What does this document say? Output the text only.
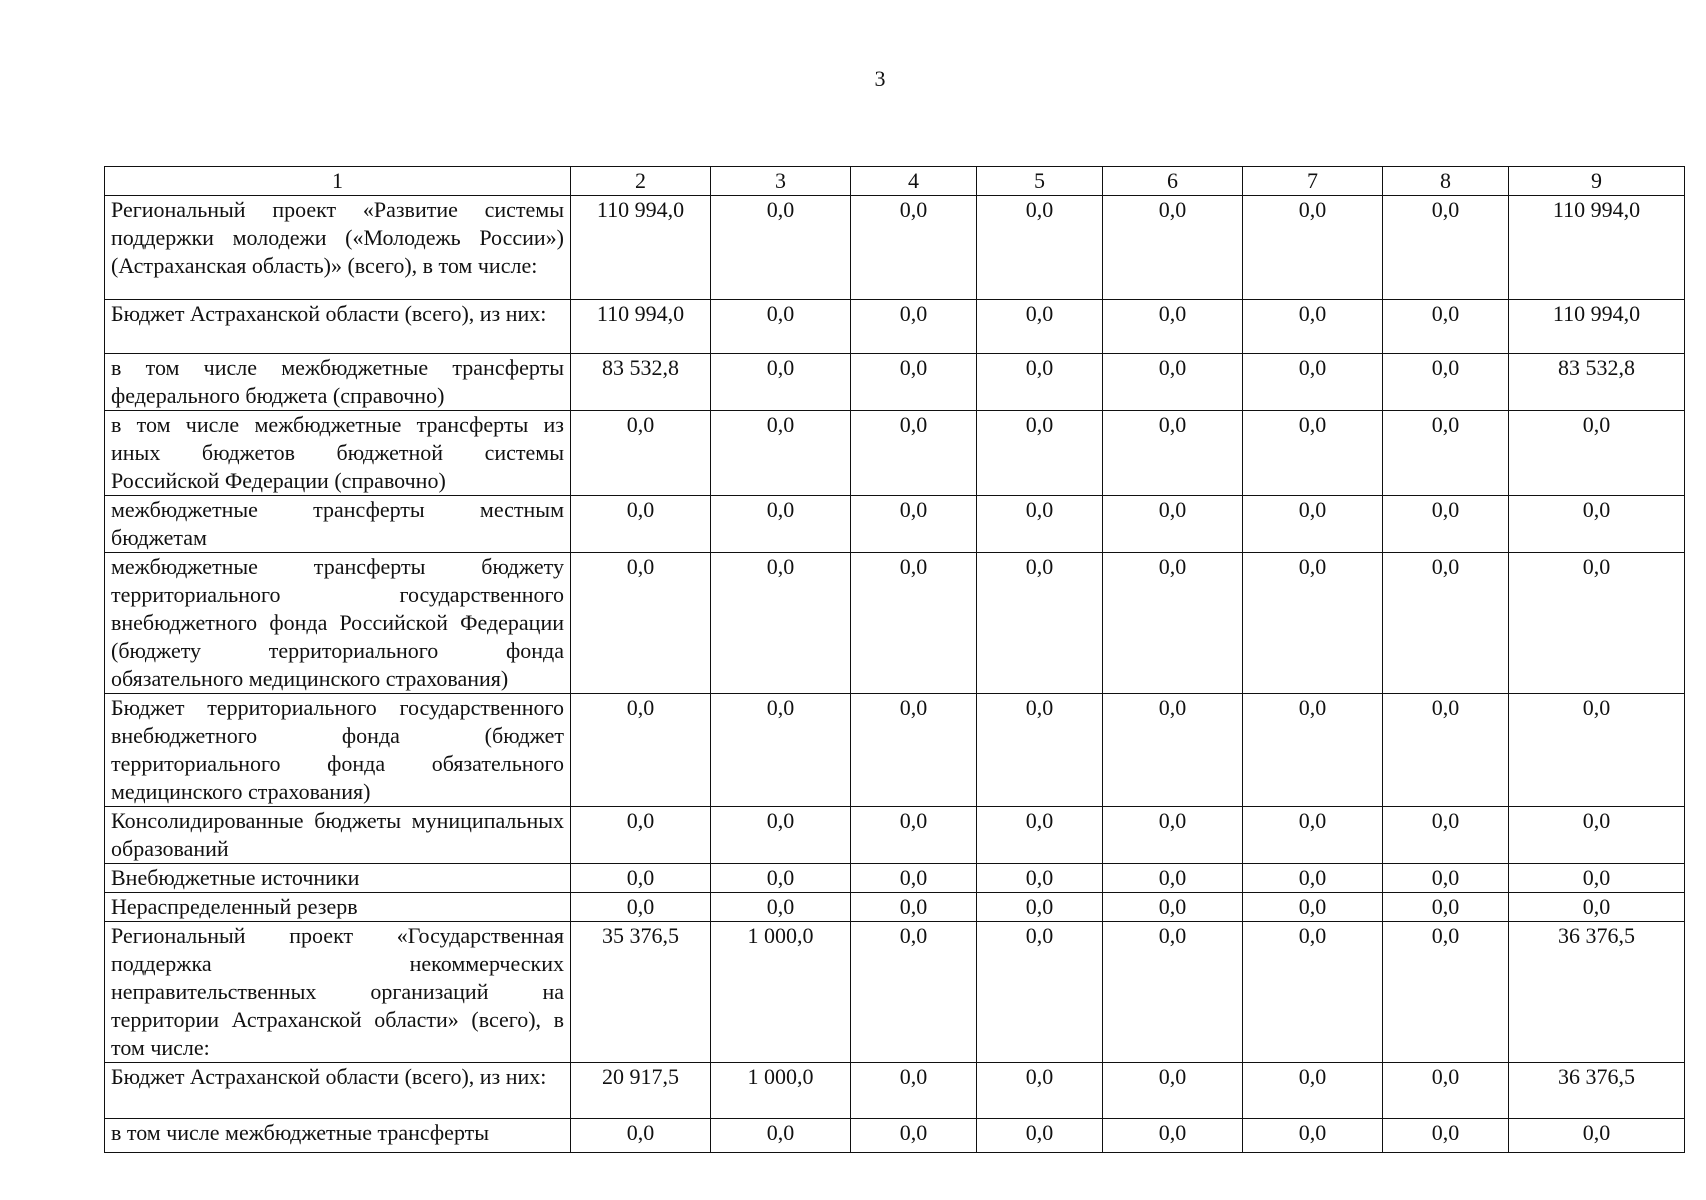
3
1	2	3	4	5	6	7	8	9
Региональный проект «Развитие системы поддержки молодежи («Молодежь России») (Астраханская область)» (всего), в том числе:	110 994,0	0,0	0,0	0,0	0,0	0,0	0,0	110 994,0
Бюджет Астраханской области (всего), из них:	110 994,0	0,0	0,0	0,0	0,0	0,0	0,0	110 994,0
в том числе межбюджетные трансферты федерального бюджета (справочно)	83 532,8	0,0	0,0	0,0	0,0	0,0	0,0	83 532,8
в том числе межбюджетные трансферты из иных бюджетов бюджетной системы Российской Федерации (справочно)	0,0	0,0	0,0	0,0	0,0	0,0	0,0	0,0
межбюджетные трансферты местным бюджетам	0,0	0,0	0,0	0,0	0,0	0,0	0,0	0,0
межбюджетные трансферты бюджету территориального государственного внебюджетного фонда Российской Федерации (бюджету территориального фонда обязательного медицинского страхования)	0,0	0,0	0,0	0,0	0,0	0,0	0,0	0,0
Бюджет территориального государственного внебюджетного фонда (бюджет территориального фонда обязательного медицинского страхования)	0,0	0,0	0,0	0,0	0,0	0,0	0,0	0,0
Консолидированные бюджеты муниципальных образований	0,0	0,0	0,0	0,0	0,0	0,0	0,0	0,0
Внебюджетные источники	0,0	0,0	0,0	0,0	0,0	0,0	0,0	0,0
Нераспределенный резерв	0,0	0,0	0,0	0,0	0,0	0,0	0,0	0,0
Региональный проект «Государственная поддержка некоммерческих неправительственных организаций на территории Астраханской области» (всего), в том числе:	35 376,5	1 000,0	0,0	0,0	0,0	0,0	0,0	36 376,5
Бюджет Астраханской области (всего), из них:	20 917,5	1 000,0	0,0	0,0	0,0	0,0	0,0	36 376,5
в том числе межбюджетные трансферты	0,0	0,0	0,0	0,0	0,0	0,0	0,0	0,0
